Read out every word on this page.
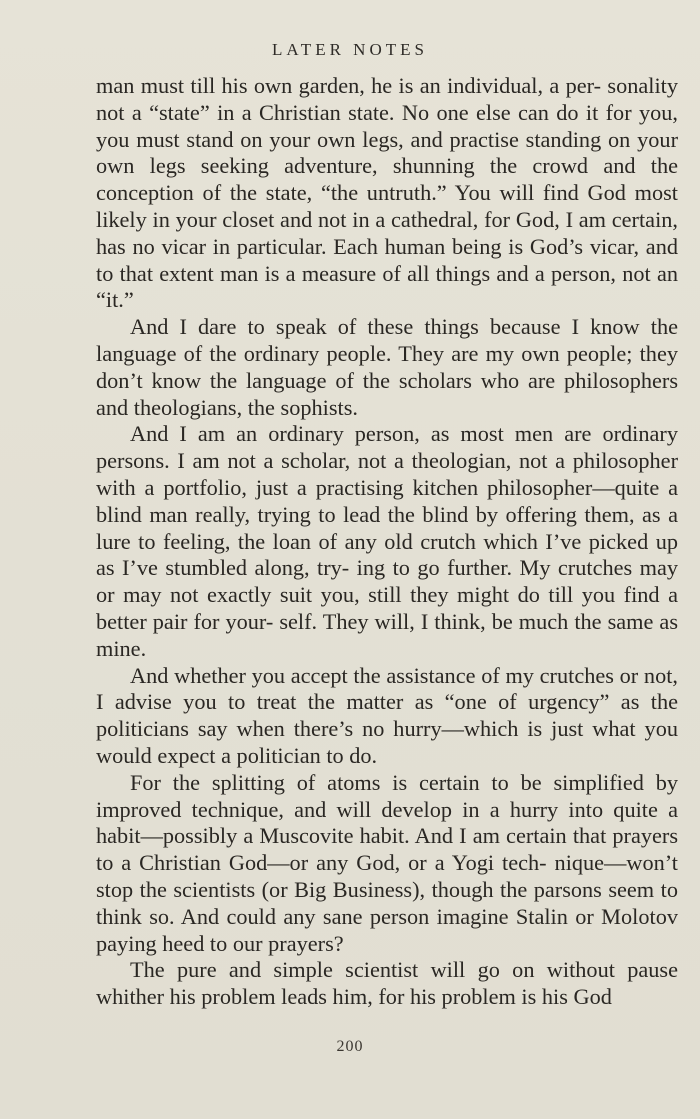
LATER NOTES

man must till his own garden, he is an individual, a per- sonality not a “state” in a Christian state. No one else can do it for you, you must stand on your own legs, and practise standing on your own legs seeking adventure, shunning the crowd and the conception of the state, “the untruth.” You will find God most likely in your closet and not in a cathedral, for God, I am certain, has no vicar in particular. Each human being is God’s vicar, and to that extent man is a measure of all things and a person, not an “it.”

And I dare to speak of these things because I know the language of the ordinary people. They are my own people; they don’t know the language of the scholars who are philosophers and theologians, the sophists.

And I am an ordinary person, as most men are ordinary persons. I am not a scholar, not a theologian, not a philosopher with a portfolio, just a practising kitchen philosopher—quite a blind man really, trying to lead the blind by offering them, as a lure to feeling, the loan of any old crutch which I’ve picked up as I’ve stumbled along, try- ing to go further. My crutches may or may not exactly suit you, still they might do till you find a better pair for your- self. They will, I think, be much the same as mine.

And whether you accept the assistance of my crutches or not, I advise you to treat the matter as “one of urgency” as the politicians say when there’s no hurry—which is just what you would expect a politician to do.

For the splitting of atoms is certain to be simplified by improved technique, and will develop in a hurry into quite a habit—possibly a Muscovite habit. And I am certain that prayers to a Christian God—or any God, or a Yogi tech- nique—won’t stop the scientists (or Big Business), though the parsons seem to think so. And could any sane person imagine Stalin or Molotov paying heed to our prayers?

The pure and simple scientist will go on without pause whither his problem leads him, for his problem is his God

200
